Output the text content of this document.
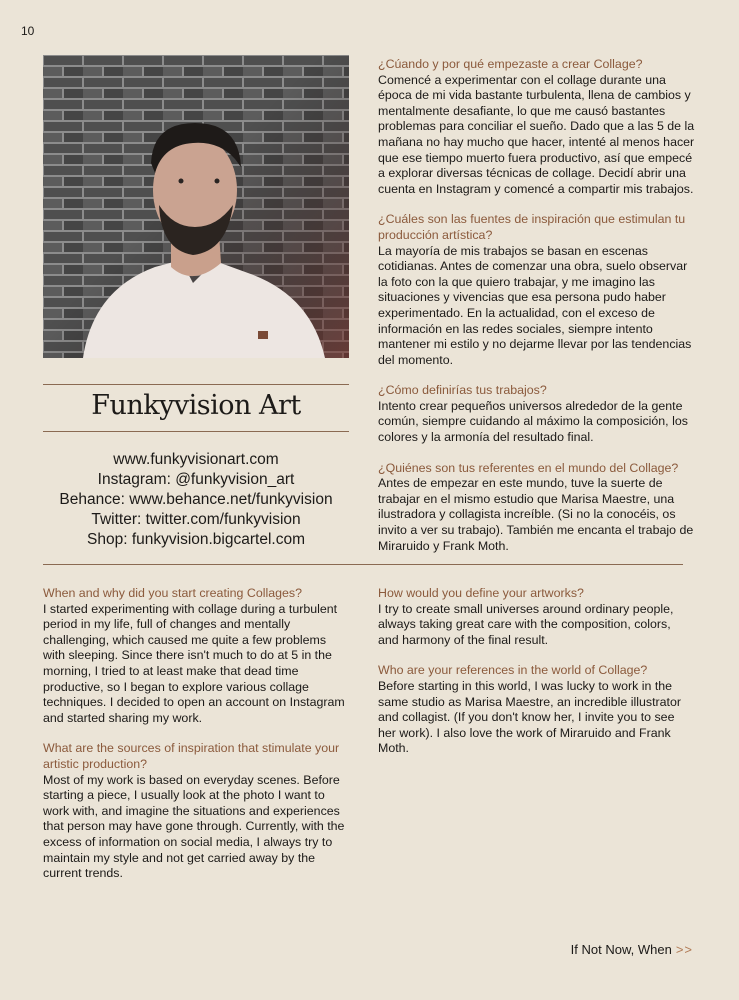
10
Funkyvision Art
www.funkyvisionart.com
Instagram: @funkyvision_art
Behance: www.behance.net/funkyvision
Twitter: twitter.com/funkyvision
Shop: funkyvision.bigcartel.com
¿Cúando y por qué empezaste a crear Collage?
Comencé a experimentar con el collage durante una época de mi vida bastante turbulenta, llena de cambios y mentalmente desafiante, lo que me causó bastantes problemas para conciliar el sueño. Dado que a las 5 de la mañana no hay mucho que hacer, intenté al menos hacer que ese tiempo muerto fuera productivo, así que empecé a explorar diversas técnicas de collage. Decidí abrir una cuenta en Instagram y comencé a compartir mis trabajos.
¿Cuáles son las fuentes de inspiración que estimulan tu producción artística?
La mayoría de mis trabajos se basan en escenas cotidianas. Antes de comenzar una obra, suelo observar la foto con la que quiero trabajar, y me imagino las situaciones y vivencias que esa persona pudo haber experimentado. En la actualidad, con el exceso de información en las redes sociales, siempre intento mantener mi estilo y no dejarme llevar por las tendencias del momento.
¿Cómo definirías tus trabajos?
Intento crear pequeños universos alrededor de la gente común, siempre cuidando al máximo la composición, los colores y la armonía del resultado final.
¿Quiénes son tus referentes en el mundo del Collage?
Antes de empezar en este mundo, tuve la suerte de trabajar en el mismo estudio que Marisa Maestre, una ilustradora y collagista increíble. (Si no la conocéis, os invito a ver su trabajo). También me encanta el trabajo de Miraruido y Frank Moth.
When and why did you start creating Collages?
I started experimenting with collage during a turbulent period in my life, full of changes and mentally challenging, which caused me quite a few problems with sleeping. Since there isn't much to do at 5 in the morning, I tried to at least make that dead time productive, so I began to explore various collage techniques. I decided to open an account on Instagram and started sharing my work.
What are the sources of inspiration that stimulate your artistic production?
Most of my work is based on everyday scenes. Before starting a piece, I usually look at the photo I want to work with, and imagine the situations and experiences that person may have gone through. Currently, with the excess of information on social media, I always try to maintain my style and not get carried away by the current trends.
How would you define your artworks?
I try to create small universes around ordinary people, always taking great care with the composition, colors, and harmony of the final result.
Who are your references in the world of Collage?
Before starting in this world, I was lucky to work in the same studio as Marisa Maestre, an incredible illustrator and collagist. (If you don't know her, I invite you to see her work). I also love the work of Miraruido and Frank Moth.
If Not Now, When >>
